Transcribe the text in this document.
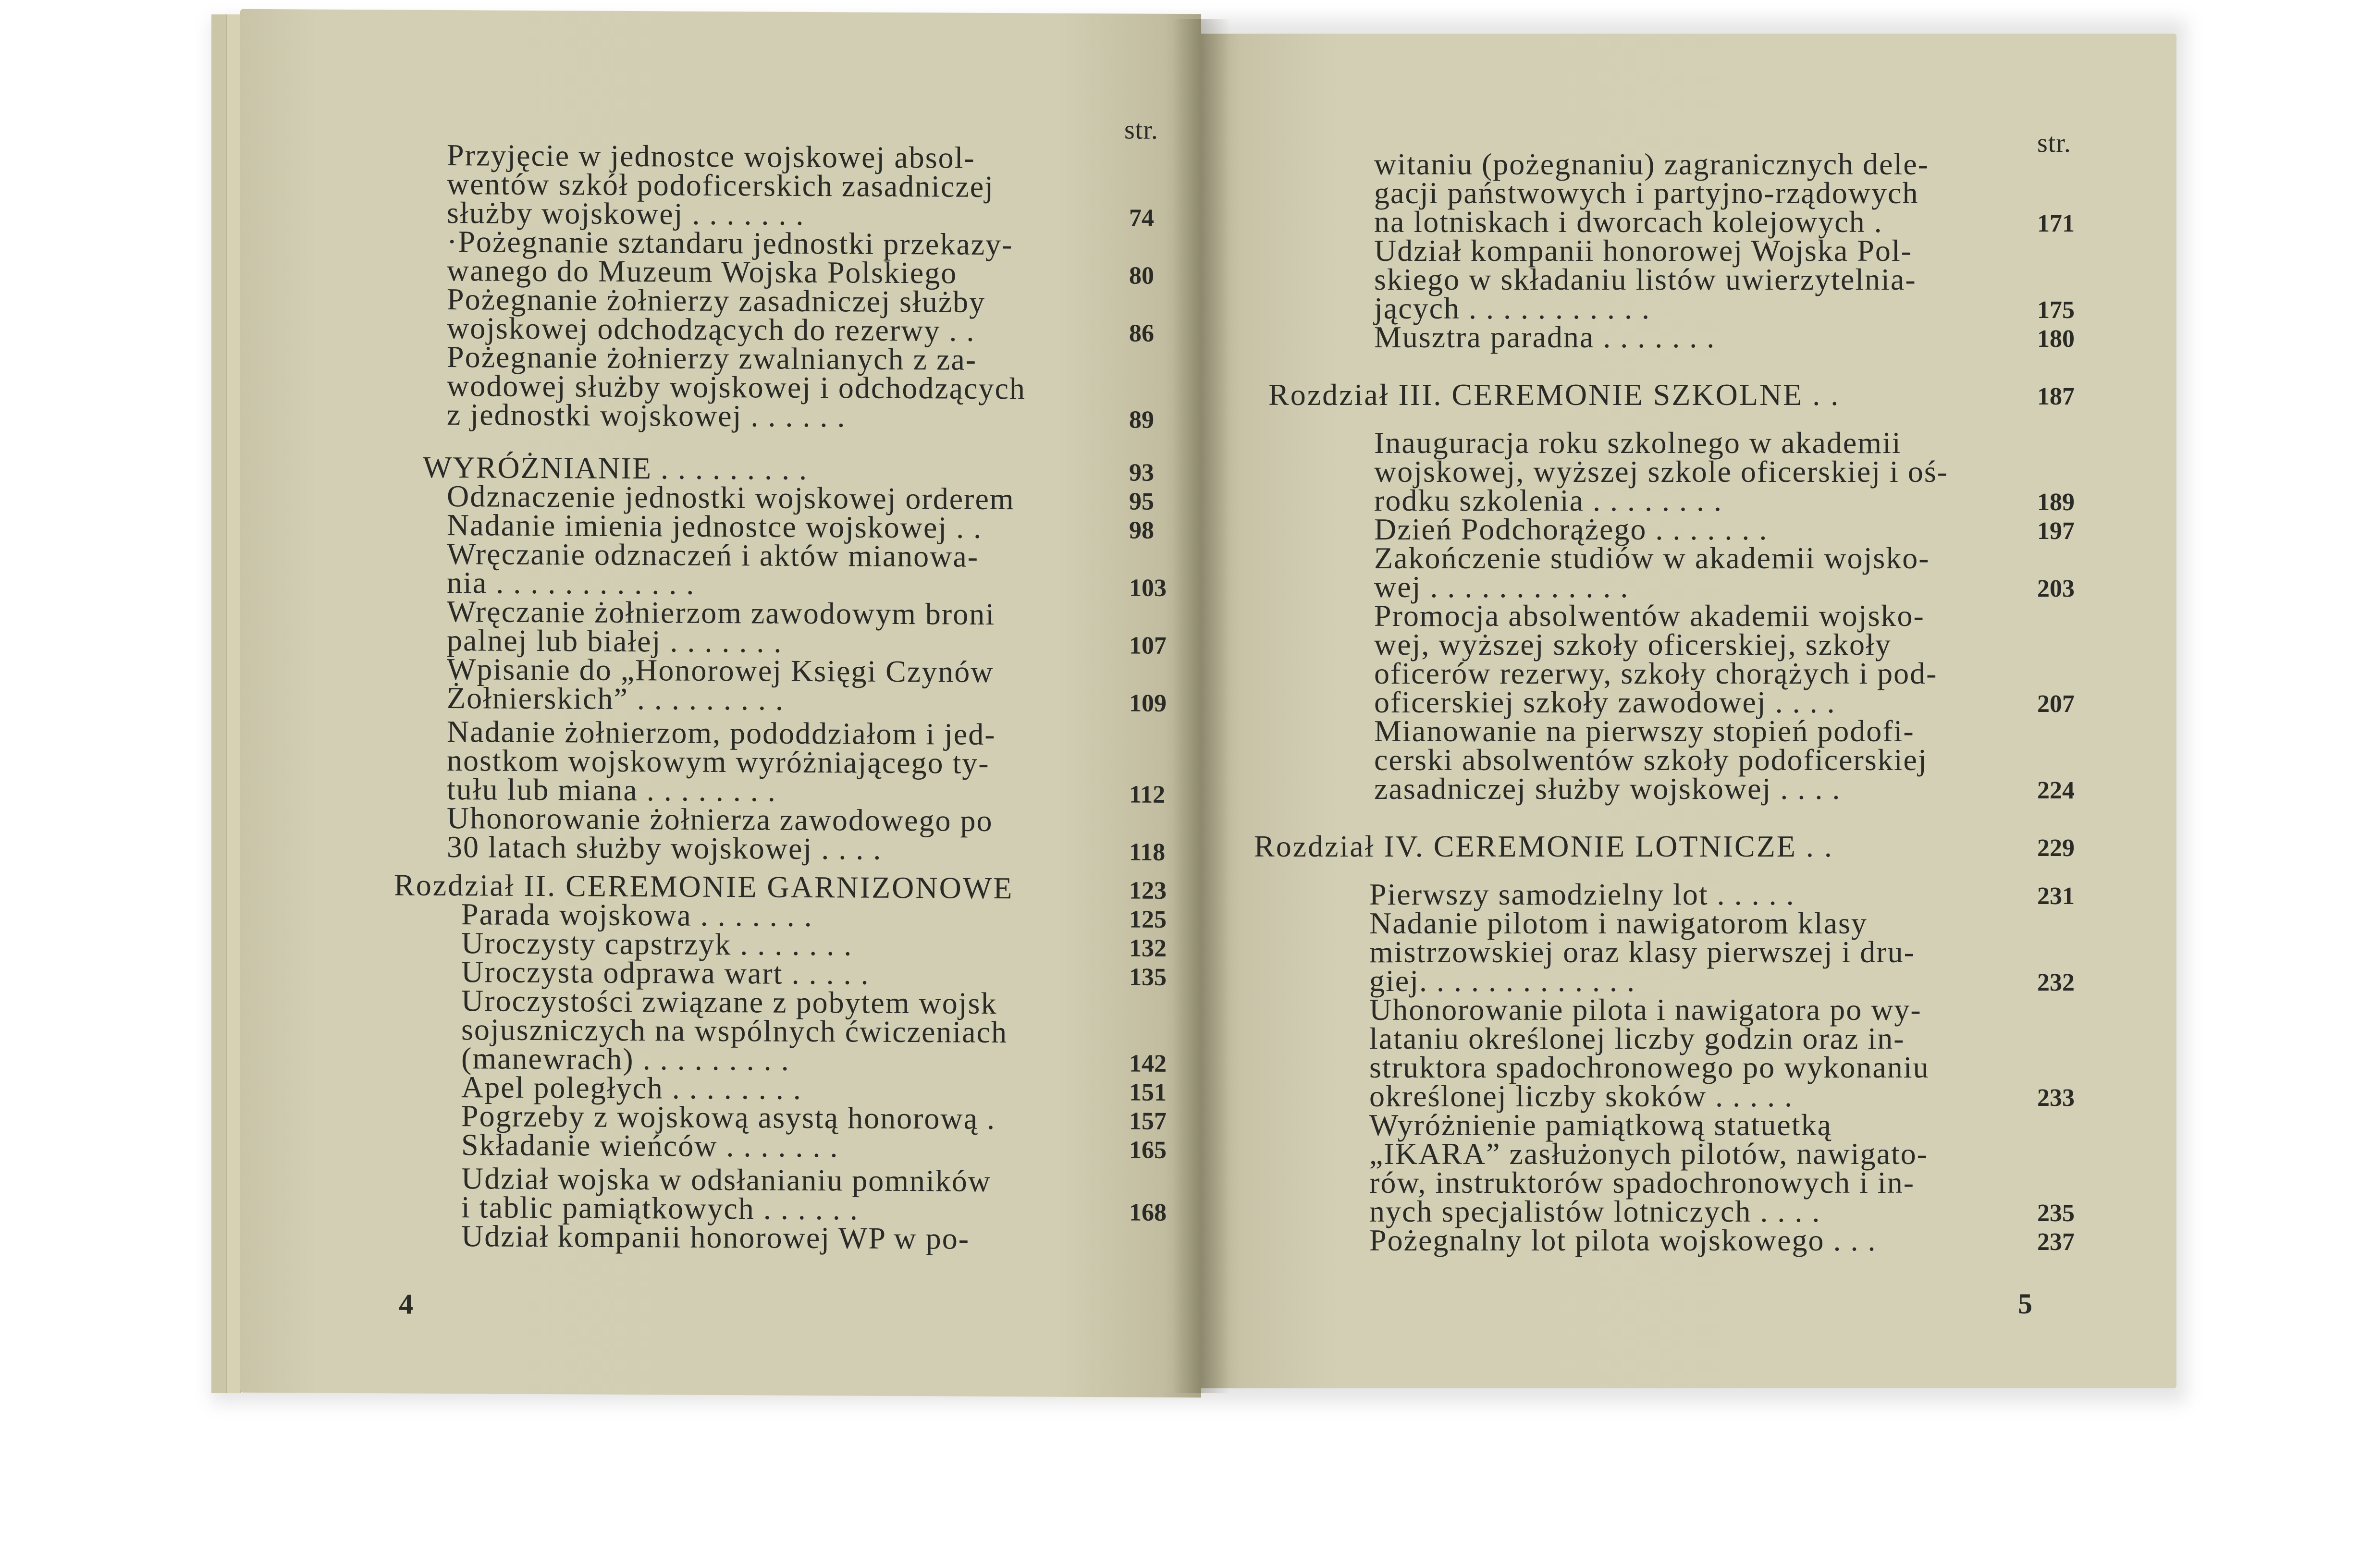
str.
4
Przyjęcie w jednostce wojskowej absol-
wentów szkół podoficerskich zasadniczej
służby wojskowej . . . . . . .	74
·Pożegnanie sztandaru jednostki przekazy-
wanego do Muzeum Wojska Polskiego	80
Pożegnanie żołnierzy zasadniczej służby
wojskowej odchodzących do rezerwy . .	86
Pożegnanie żołnierzy zwalnianych z za-
wodowej służby wojskowej i odchodzących
z jednostki wojskowej . . . . . .	89
WYRÓŻNIANIE . . . . . . . . .	93
Odznaczenie jednostki wojskowej orderem	95
Nadanie imienia jednostce wojskowej . .	98
Wręczanie odznaczeń i aktów mianowa-
nia . . . . . . . . . . . .	103
Wręczanie żołnierzom zawodowym broni
palnej lub białej . . . . . . .	107
Wpisanie do „Honorowej Księgi Czynów
Żołnierskich” . . . . . . . . .	109
Nadanie żołnierzom, pododdziałom i jed-
nostkom wojskowym wyróżniającego ty-
tułu lub miana . . . . . . . .	112
Uhonorowanie żołnierza zawodowego po
30 latach służby wojskowej . . . .	118
Rozdział II. CEREMONIE GARNIZONOWE	123
Parada wojskowa . . . . . . .	125
Uroczysty capstrzyk . . . . . . .	132
Uroczysta odprawa wart . . . . .	135
Uroczystości związane z pobytem wojsk
sojuszniczych na wspólnych ćwiczeniach
(manewrach) . . . . . . . . .	142
Apel poległych . . . . . . . .	151
Pogrzeby z wojskową asystą honorową .	157
Składanie wieńców . . . . . . .	165
Udział wojska w odsłanianiu pomników
i tablic pamiątkowych . . . . . .	168
Udział kompanii honorowej WP w po-
str.
5
witaniu (pożegnaniu) zagranicznych dele-
gacji państwowych i partyjno-rządowych
na lotniskach i dworcach kolejowych .	171
Udział kompanii honorowej Wojska Pol-
skiego w składaniu listów uwierzytelnia-
jących . . . . . . . . . . .	175
Musztra paradna . . . . . . .	180
Rozdział III. CEREMONIE SZKOLNE . .	187
Inauguracja roku szkolnego w akademii
wojskowej, wyższej szkole oficerskiej i oś-
rodku szkolenia . . . . . . . .	189
Dzień Podchorążego . . . . . . .	197
Zakończenie studiów w akademii wojsko-
wej . . . . . . . . . . . .	203
Promocja absolwentów akademii wojsko-
wej, wyższej szkoły oficerskiej, szkoły
oficerów rezerwy, szkoły chorążych i pod-
oficerskiej szkoły zawodowej . . . .	207
Mianowanie na pierwszy stopień podofi-
cerski absolwentów szkoły podoficerskiej
zasadniczej służby wojskowej . . . .	224
Rozdział IV. CEREMONIE LOTNICZE . .	229
Pierwszy samodzielny lot . . . . .	231
Nadanie pilotom i nawigatorom klasy
mistrzowskiej oraz klasy pierwszej i dru-
giej. . . . . . . . . . . . .	232
Uhonorowanie pilota i nawigatora po wy-
lataniu określonej liczby godzin oraz in-
struktora spadochronowego po wykonaniu
określonej liczby skoków . . . . .	233
Wyróżnienie pamiątkową statuetką
„IKARA” zasłużonych pilotów, nawigato-
rów, instruktorów spadochronowych i in-
nych specjalistów lotniczych . . . .	235
Pożegnalny lot pilota wojskowego . . .	237
